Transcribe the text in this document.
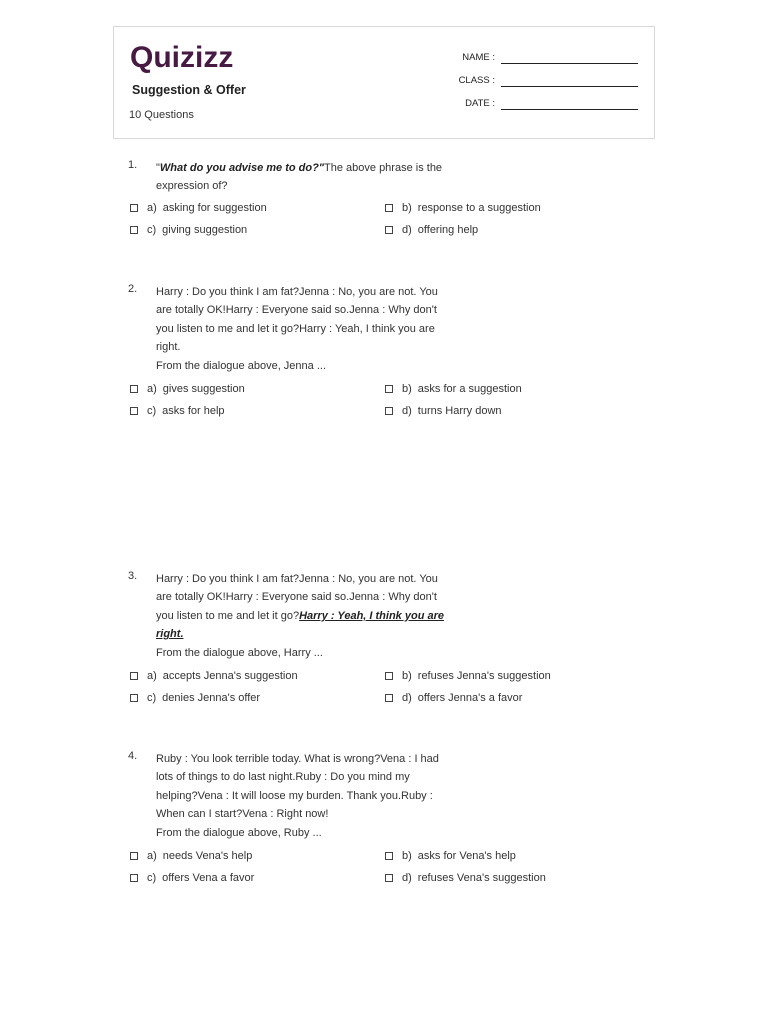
Quizizz
Suggestion & Offer
10 Questions
NAME :
CLASS :
DATE :
1. "What do you advise me to do?"The above phrase is the expression of?
a) asking for suggestion	b) response to a suggestion
c) giving suggestion	d) offering help
2. Harry : Do you think I am fat?Jenna : No, you are not. You are totally OK!Harry : Everyone said so.Jenna : Why don't you listen to me and let it go?Harry : Yeah, I think you are right.
From the dialogue above, Jenna ...
a) gives suggestion	b) asks for a suggestion
c) asks for help	d) turns Harry down
3. Harry : Do you think I am fat?Jenna : No, you are not. You are totally OK!Harry : Everyone said so.Jenna : Why don't you listen to me and let it go?Harry : Yeah, I think you are right.
From the dialogue above, Harry ...
a) accepts Jenna's suggestion	b) refuses Jenna's suggestion
c) denies Jenna's offer	d) offers Jenna's a favor
4. Ruby : You look terrible today. What is wrong?Vena : I had lots of things to do last night.Ruby : Do you mind my helping?Vena : It will loose my burden. Thank you.Ruby : When can I start?Vena : Right now!
From the dialogue above, Ruby ...
a) needs Vena's help	b) asks for Vena's help
c) offers Vena a favor	d) refuses Vena's suggestion
